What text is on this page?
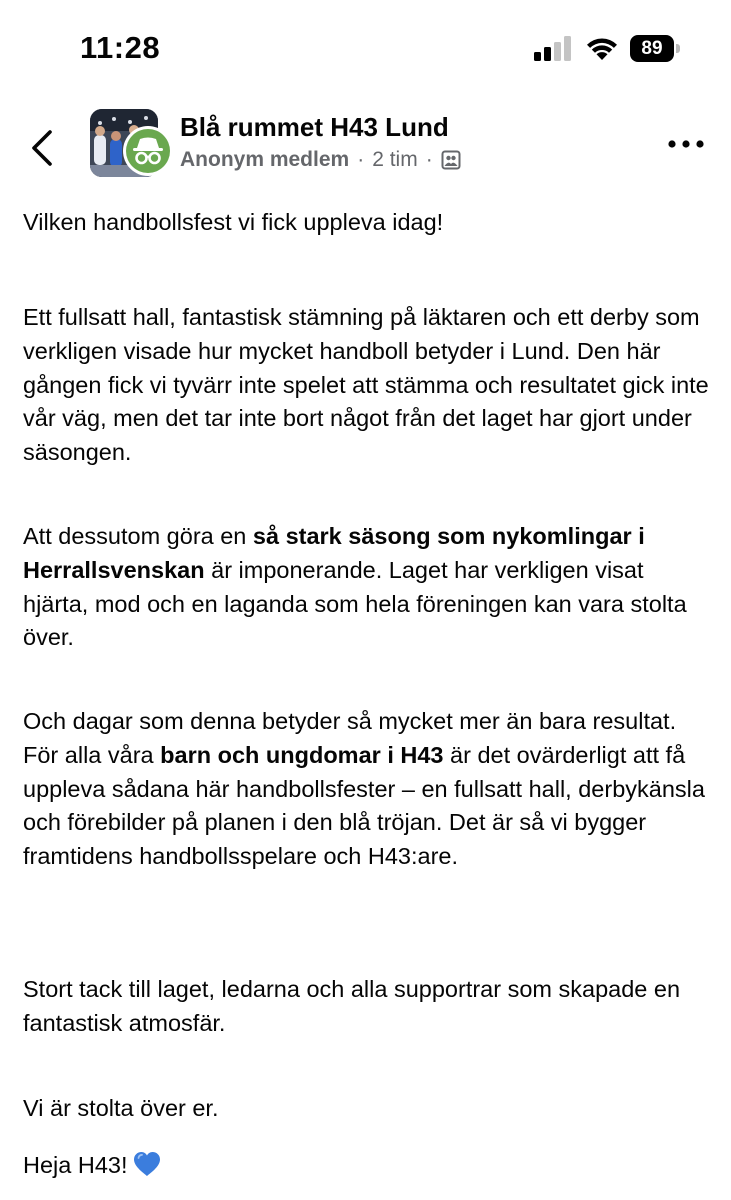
11:28	89
Blå rummet H43 Lund
Anonym medlem · 2 tim ·

Vilken handbollsfest vi fick uppleva idag!

Ett fullsatt hall, fantastisk stämning på läktaren och ett derby som verkligen visade hur mycket handboll betyder i Lund. Den här gången fick vi tyvärr inte spelet att stämma och resultatet gick inte vår väg, men det tar inte bort något från det laget har gjort under säsongen.

Att dessutom göra en så stark säsong som nykomlingar i Herrallsvenskan är imponerande. Laget har verkligen visat hjärta, mod och en laganda som hela föreningen kan vara stolta över.

Och dagar som denna betyder så mycket mer än bara resultat. För alla våra barn och ungdomar i H43 är det ovärderligt att få uppleva sådana här handbollsfester – en fullsatt hall, derbykänsla och förebilder på planen i den blå tröjan. Det är så vi bygger framtidens handbollsspelare och H43:are.

Stort tack till laget, ledarna och alla supportrar som skapade en fantastisk atmosfär.

Vi är stolta över er.

Heja H43!
